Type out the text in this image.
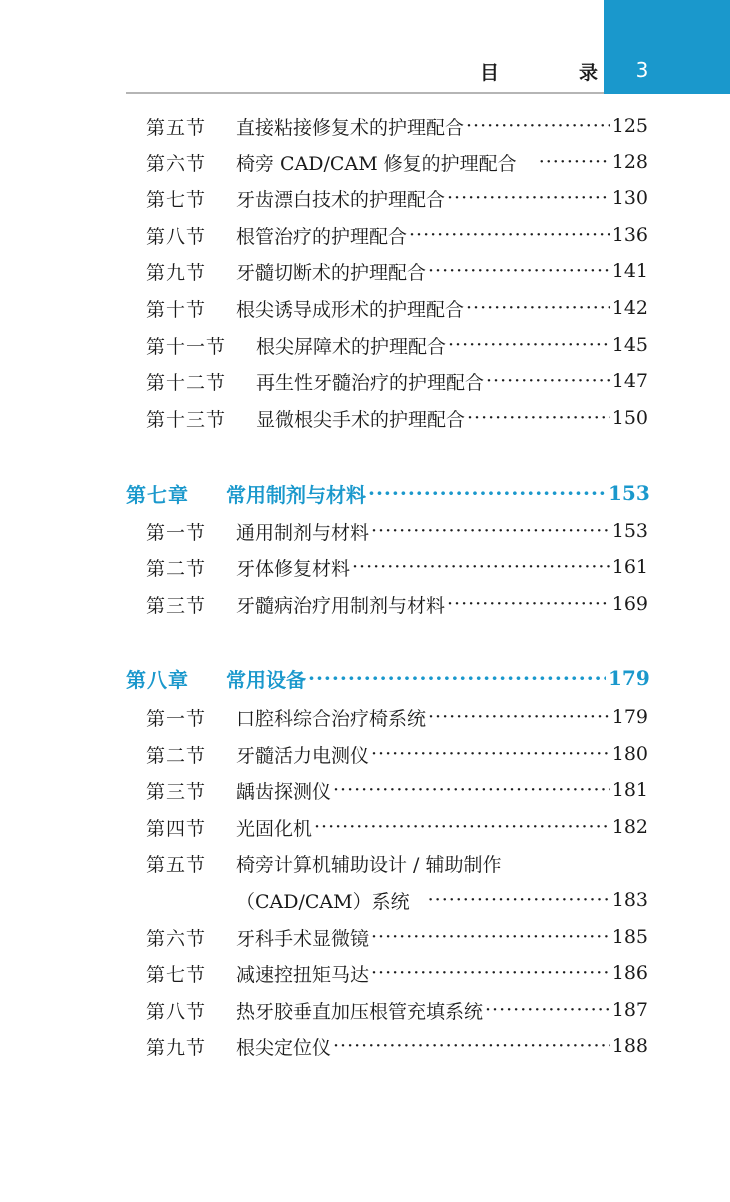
目	录	3
第五节	直接粘接修复术的护理配合 ·····	125
第六节	椅旁 CAD/CAM 修复的护理配合 ·····	128
第七节	牙齿漂白技术的护理配合 ·····	130
第八节	根管治疗的护理配合 ·····	136
第九节	牙髓切断术的护理配合 ·····	141
第十节	根尖诱导成形术的护理配合 ·····	142
第十一节	根尖屏障术的护理配合 ·····	145
第十二节	再生性牙髓治疗的护理配合 ·····	147
第十三节	显微根尖手术的护理配合 ·····	150
第七章	常用制剂与材料 ·····	153
第一节	通用制剂与材料 ·····	153
第二节	牙体修复材料 ·····	161
第三节	牙髓病治疗用制剂与材料 ·····	169
第八章	常用设备 ·····	179
第一节	口腔科综合治疗椅系统 ·····	179
第二节	牙髓活力电测仪 ·····	180
第三节	龋齿探测仪 ·····	181
第四节	光固化机 ·····	182
第五节	椅旁计算机辅助设计 / 辅助制作
（CAD/CAM）系统 ·····	183
第六节	牙科手术显微镜 ·····	185
第七节	减速控扭矩马达 ·····	186
第八节	热牙胶垂直加压根管充填系统 ·····	187
第九节	根尖定位仪 ·····	188
